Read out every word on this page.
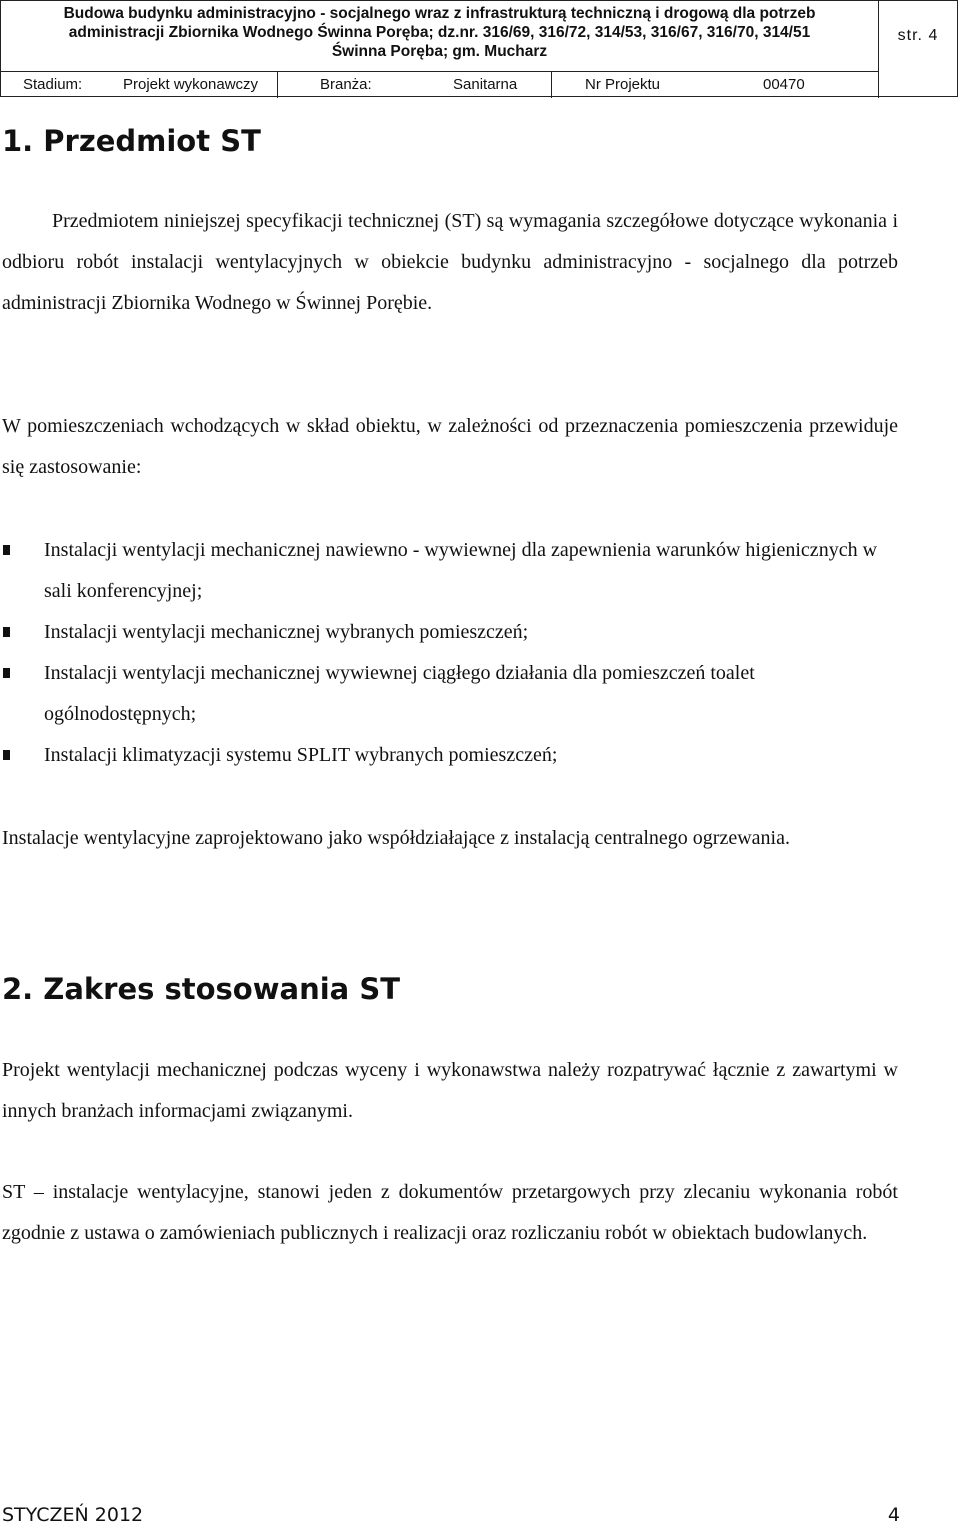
Budowa budynku administracyjno - socjalnego wraz z infrastrukturą techniczną i drogową dla potrzeb
administracji Zbiornika Wodnego Świnna Poręba; dz.nr. 316/69, 316/72, 314/53, 316/67, 316/70, 314/51
Świnna Poręba; gm. Mucharz
str. 4
Stadium:	Projekt wykonawczy	Branża:	Sanitarna	Nr Projektu	00470
1. Przedmiot ST

Przedmiotem niniejszej specyfikacji technicznej (ST) są wymagania szczegółowe dotyczące wykonania i odbioru robót instalacji wentylacyjnych w obiekcie budynku administracyjno - socjalnego dla potrzeb administracji Zbiornika Wodnego w Świnnej Porębie.

W pomieszczeniach wchodzących w skład obiektu, w zależności od przeznaczenia pomieszczenia przewiduje się zastosowanie:

Instalacji wentylacji mechanicznej nawiewno - wywiewnej dla zapewnienia warunków higienicznych w sali konferencyjnej;
Instalacji wentylacji mechanicznej wybranych pomieszczeń;
Instalacji wentylacji mechanicznej wywiewnej ciągłego działania dla pomieszczeń toalet ogólnodostępnych;
Instalacji klimatyzacji systemu SPLIT wybranych pomieszczeń;

Instalacje wentylacyjne zaprojektowano jako współdziałające z instalacją centralnego ogrzewania.

2. Zakres stosowania ST

Projekt wentylacji mechanicznej podczas wyceny i wykonawstwa należy rozpatrywać łącznie z zawartymi w innych branżach informacjami związanymi.

ST – instalacje wentylacyjne, stanowi jeden z dokumentów przetargowych przy zlecaniu wykonania robót zgodnie z ustawa o zamówieniach publicznych i realizacji oraz rozliczaniu robót w obiektach budowlanych.

STYCZEŃ 2012	4
